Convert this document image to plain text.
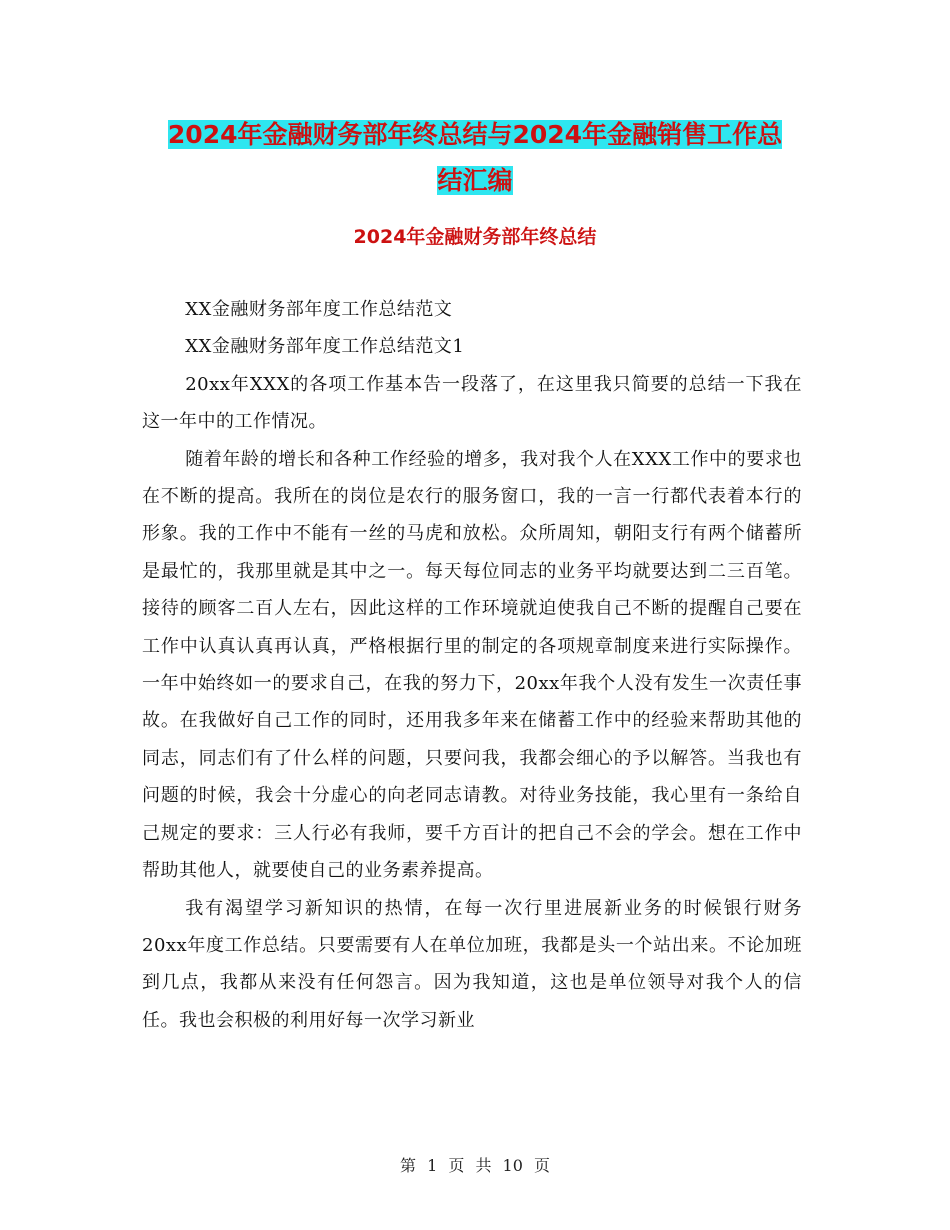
2024年金融财务部年终总结与2024年金融销售工作总
结汇编
2024年金融财务部年终总结

XX金融财务部年度工作总结范文

XX金融财务部年度工作总结范文1

20xx年XXX的各项工作基本告一段落了，在这里我只简要的总结一下我在这一年中的工作情况。

随着年龄的增长和各种工作经验的增多，我对我个人在XXX工作中的要求也在不断的提高。我所在的岗位是农行的服务窗口，我的一言一行都代表着本行的形象。我的工作中不能有一丝的马虎和放松。众所周知，朝阳支行有两个储蓄所是最忙的，我那里就是其中之一。每天每位同志的业务平均就要达到二三百笔。接待的顾客二百人左右，因此这样的工作环境就迫使我自己不断的提醒自己要在工作中认真认真再认真，严格根据行里的制定的各项规章制度来进行实际操作。一年中始终如一的要求自己，在我的努力下，20xx年我个人没有发生一次责任事故。在我做好自己工作的同时，还用我多年来在储蓄工作中的经验来帮助其他的同志，同志们有了什么样的问题，只要问我，我都会细心的予以解答。当我也有问题的时候，我会十分虚心的向老同志请教。对待业务技能，我心里有一条给自己规定的要求：三人行必有我师，要千方百计的把自己不会的学会。想在工作中帮助其他人，就要使自己的业务素养提高。

我有渴望学习新知识的热情，在每一次行里进展新业务的时候银行财务20xx年度工作总结。只要需要有人在单位加班，我都是头一个站出来。不论加班到几点，我都从来没有任何怨言。因为我知道，这也是单位领导对我个人的信任。我也会积极的利用好每一次学习新业

第 1 页 共 10 页
